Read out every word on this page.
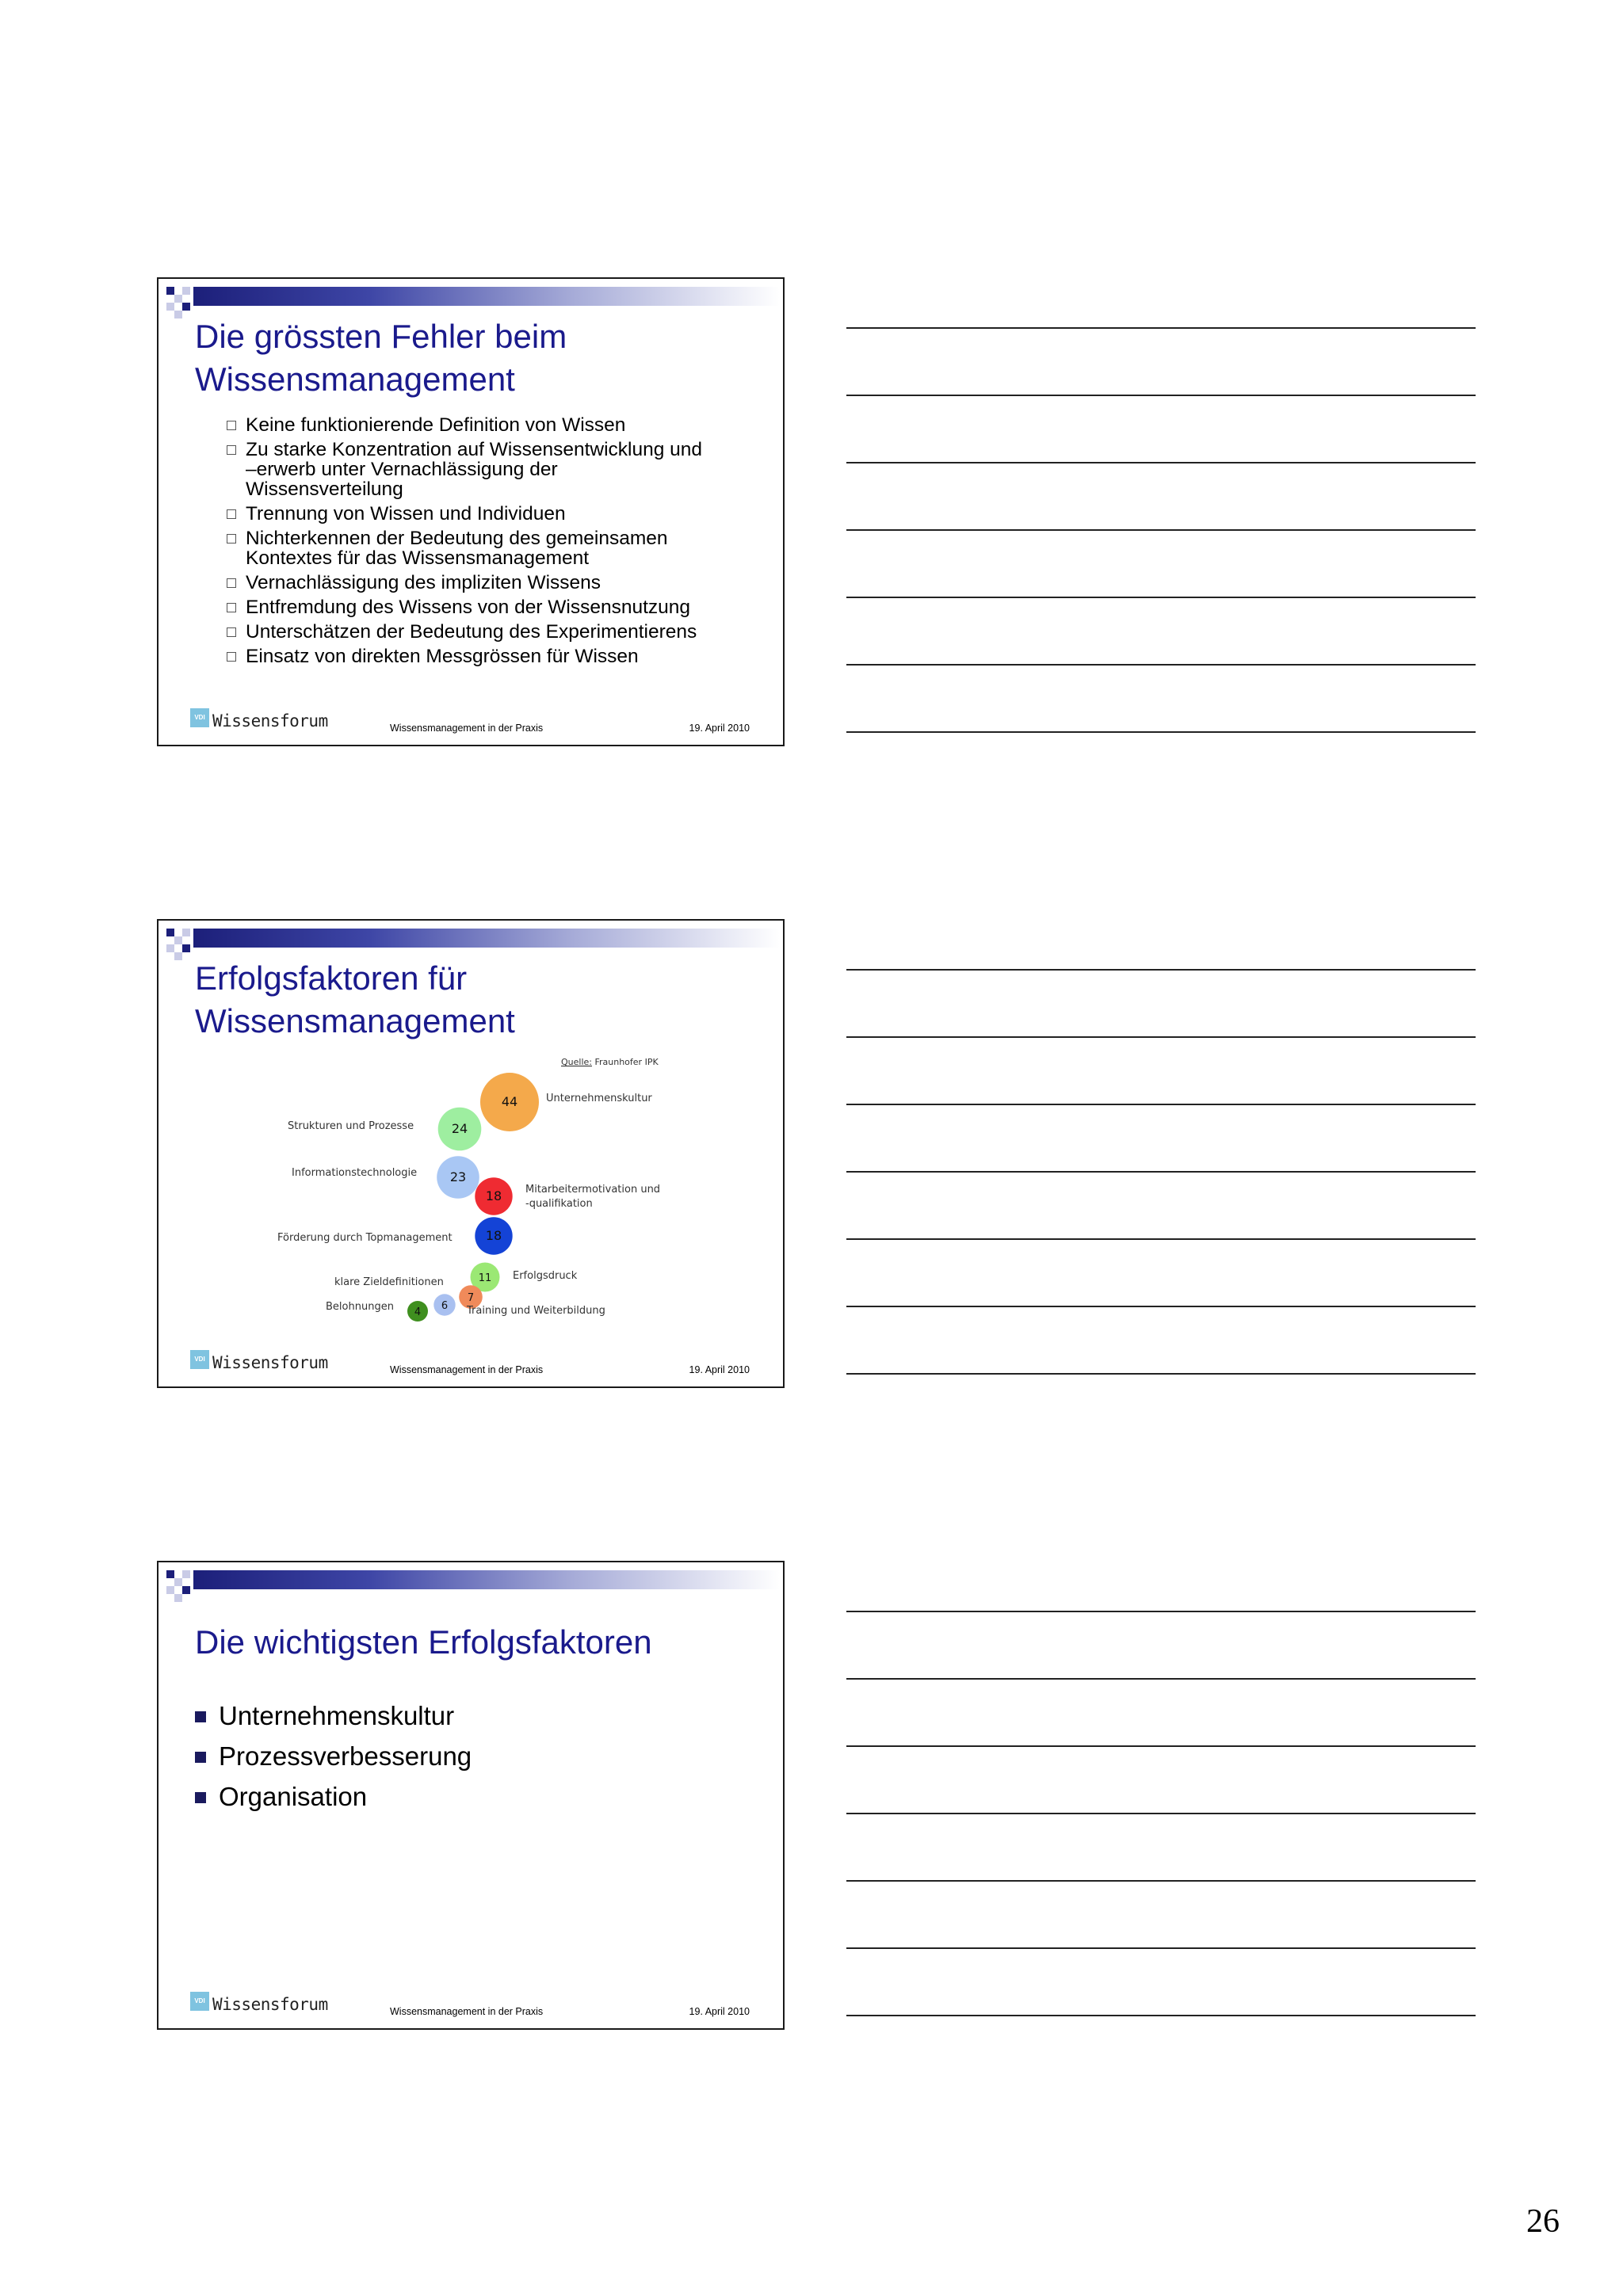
Die grössten Fehler beim
Wissensmanagement
Keine funktionierende Definition von Wissen
Zu starke Konzentration auf Wissensentwicklung und
–erwerb unter Vernachlässigung der
Wissensverteilung
Trennung von Wissen und Individuen
Nichterkennen der Bedeutung des gemeinsamen
Kontextes für das Wissensmanagement
Vernachlässigung des impliziten Wissens
Entfremdung des Wissens von der Wissensnutzung
Unterschätzen der Bedeutung des Experimentierens
Einsatz von direkten Messgrössen für Wissen
VDI Wissensforum	Wissensmanagement in der Praxis	19. April 2010
Erfolgsfaktoren für
Wissensmanagement
Quelle: Fraunhofer IPK
44
24
23
18
18
11
7
6
4
Unternehmenskultur
Strukturen und Prozesse
Informationstechnologie
Mitarbeitermotivation und
-qualifikation
Förderung durch Topmanagement
Erfolgsdruck
klare Zieldefinitionen
Training und Weiterbildung
Belohnungen
VDI Wissensforum	Wissensmanagement in der Praxis	19. April 2010
Die wichtigsten Erfolgsfaktoren
Unternehmenskultur
Prozessverbesserung
Organisation
VDI Wissensforum	Wissensmanagement in der Praxis	19. April 2010
26
